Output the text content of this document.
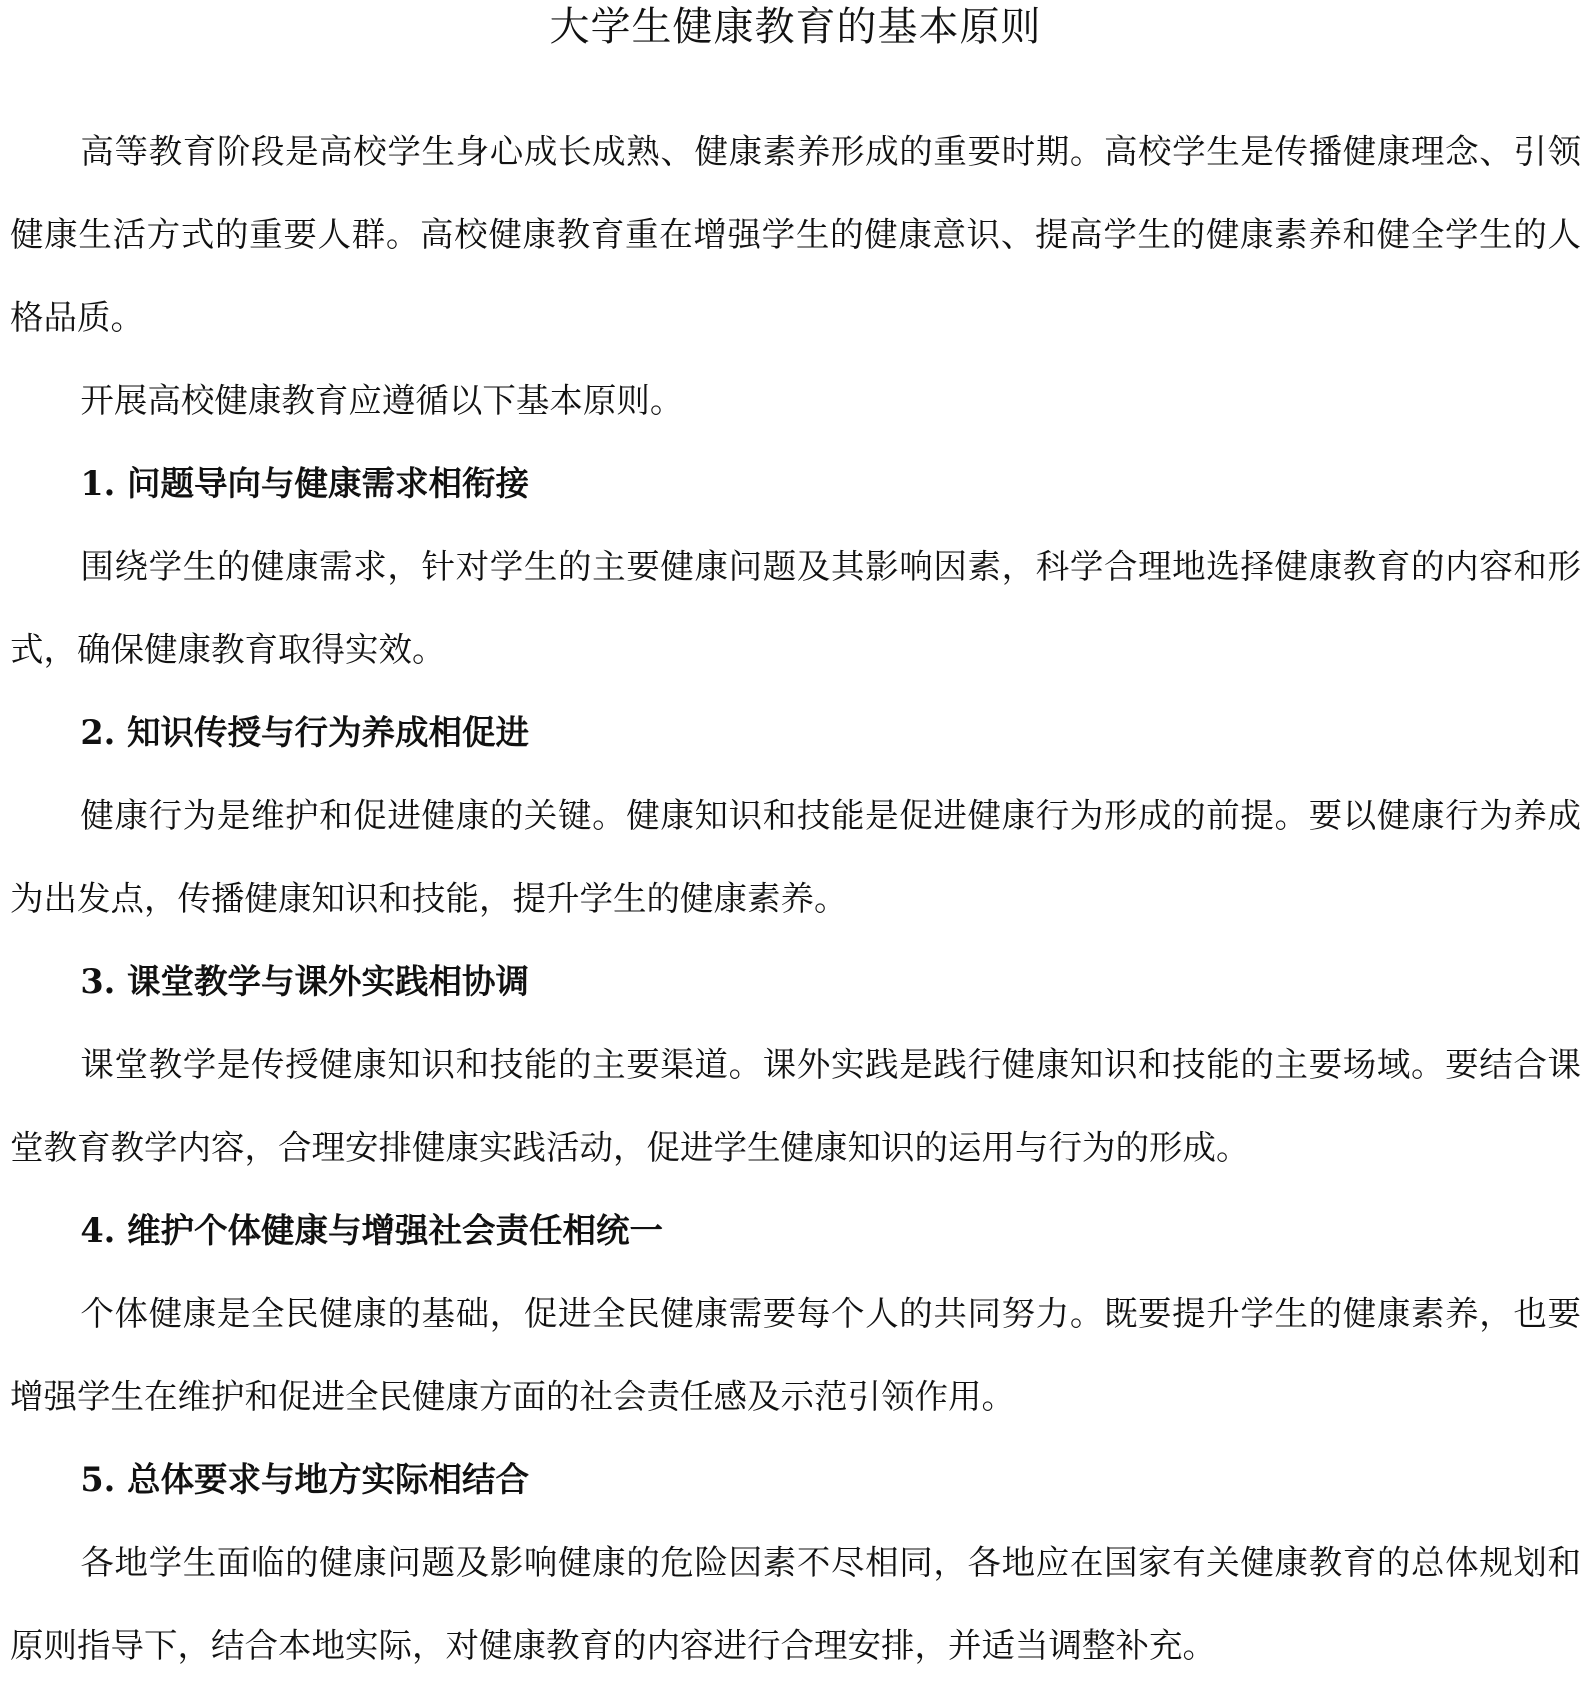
大学生健康教育的基本原则

高等教育阶段是高校学生身心成长成熟、健康素养形成的重要时期。高校学生是传播健康理念、引领健康生活方式的重要人群。高校健康教育重在增强学生的健康意识、提高学生的健康素养和健全学生的人格品质。

开展高校健康教育应遵循以下基本原则。

1. 问题导向与健康需求相衔接

围绕学生的健康需求，针对学生的主要健康问题及其影响因素，科学合理地选择健康教育的内容和形式，确保健康教育取得实效。

2. 知识传授与行为养成相促进

健康行为是维护和促进健康的关键。健康知识和技能是促进健康行为形成的前提。要以健康行为养成为出发点，传播健康知识和技能，提升学生的健康素养。

3. 课堂教学与课外实践相协调

课堂教学是传授健康知识和技能的主要渠道。课外实践是践行健康知识和技能的主要场域。要结合课堂教育教学内容，合理安排健康实践活动，促进学生健康知识的运用与行为的形成。

4. 维护个体健康与增强社会责任相统一

个体健康是全民健康的基础，促进全民健康需要每个人的共同努力。既要提升学生的健康素养，也要增强学生在维护和促进全民健康方面的社会责任感及示范引领作用。

5. 总体要求与地方实际相结合

各地学生面临的健康问题及影响健康的危险因素不尽相同，各地应在国家有关健康教育的总体规划和原则指导下，结合本地实际，对健康教育的内容进行合理安排，并适当调整补充。
